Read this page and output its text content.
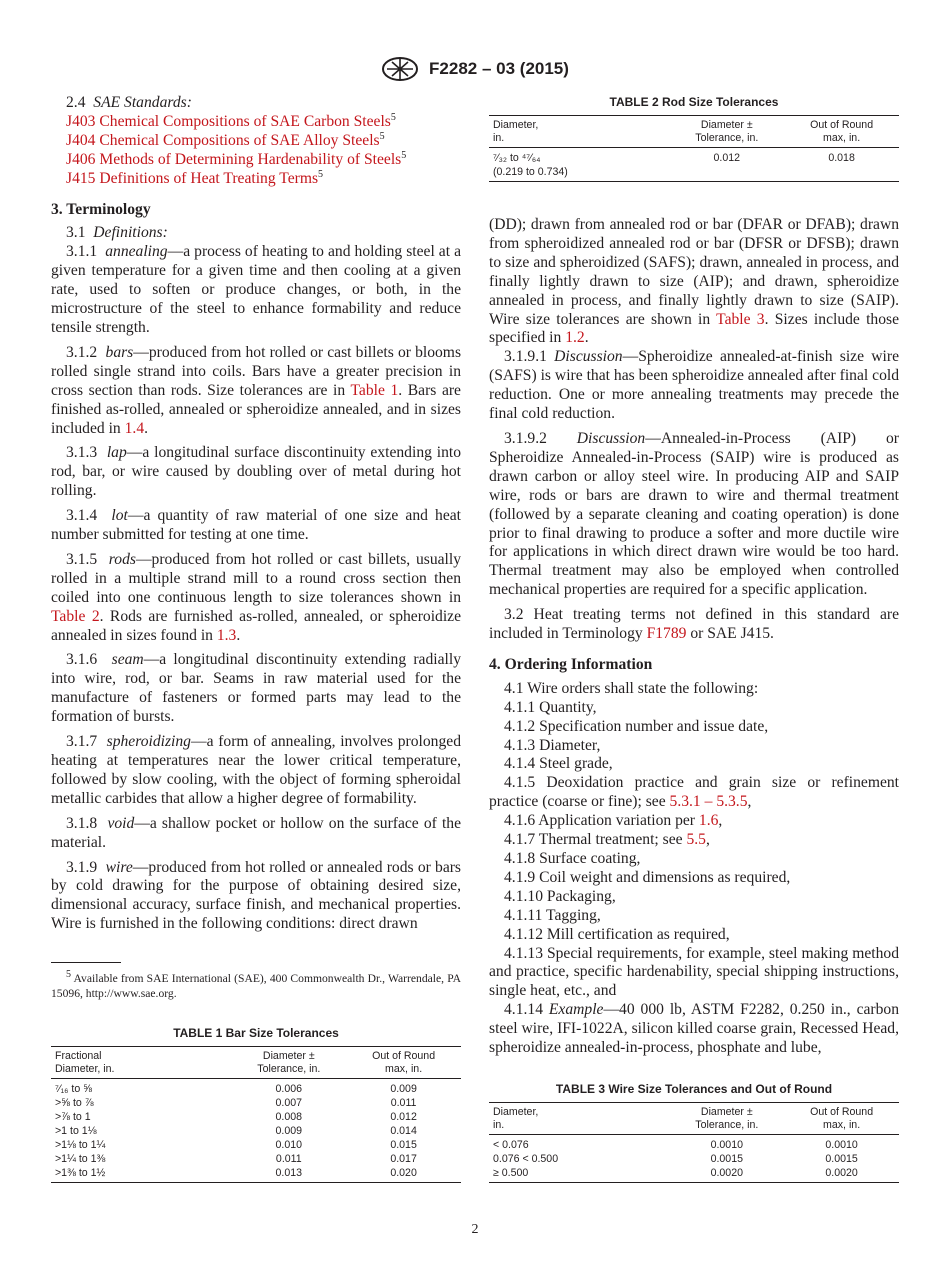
F2282 – 03 (2015)

2.4 SAE Standards:

J403 Chemical Compositions of SAE Carbon Steels$^5$

J404 Chemical Compositions of SAE Alloy Steels$^5$

J406 Methods of Determining Hardenability of Steels$^5$

J415 Definitions of Heat Treating Terms$^5$

3. Terminology

3.1 Definitions:

3.1.1 annealing—a process of heating to and holding steel at a given temperature for a given time and then cooling at a given rate, used to soften or produce changes, or both, in the microstructure of the steel to enhance formability and reduce tensile strength.

3.1.2 bars—produced from hot rolled or cast billets or blooms rolled single strand into coils. Bars have a greater precision in cross section than rods. Size tolerances are in Table 1. Bars are finished as-rolled, annealed or spheroidize annealed, and in sizes included in 1.4.

3.1.3 lap—a longitudinal surface discontinuity extending into rod, bar, or wire caused by doubling over of metal during hot rolling.

3.1.4 lot—a quantity of raw material of one size and heat number submitted for testing at one time.

3.1.5 rods—produced from hot rolled or cast billets, usually rolled in a multiple strand mill to a round cross section then coiled into one continuous length to size tolerances shown in Table 2. Rods are furnished as-rolled, annealed, or spheroidize annealed in sizes found in 1.3.

3.1.6 seam—a longitudinal discontinuity extending radially into wire, rod, or bar. Seams in raw material used for the manufacture of fasteners or formed parts may lead to the formation of bursts.

3.1.7 spheroidizing—a form of annealing, involves prolonged heating at temperatures near the lower critical temperature, followed by slow cooling, with the object of forming spheroidal metallic carbides that allow a higher degree of formability.

3.1.8 void—a shallow pocket or hollow on the surface of the material.

3.1.9 wire—produced from hot rolled or annealed rods or bars by cold drawing for the purpose of obtaining desired size, dimensional accuracy, surface finish, and mechanical properties. Wire is furnished in the following conditions: direct drawn

$^5$ Available from SAE International (SAE), 400 Commonwealth Dr., Warrendale, PA 15096, http://www.sae.org.

(DD); drawn from annealed rod or bar (DFAR or DFAB); drawn from spheroidized annealed rod or bar (DFSR or DFSB); drawn to size and spheroidized (SAFS); drawn, annealed in process, and finally lightly drawn to size (AIP); and drawn, spheroidize annealed in process, and finally lightly drawn to size (SAIP). Wire size tolerances are shown in Table 3. Sizes include those specified in 1.2.

3.1.9.1 Discussion—Spheroidize annealed-at-finish size wire (SAFS) is wire that has been spheroidize annealed after final cold reduction. One or more annealing treatments may precede the final cold reduction.

3.1.9.2 Discussion—Annealed-in-Process (AIP) or Spheroidize Annealed-in-Process (SAIP) wire is produced as drawn carbon or alloy steel wire. In producing AIP and SAIP wire, rods or bars are drawn to wire and thermal treatment (followed by a separate cleaning and coating operation) is done prior to final drawing to produce a softer and more ductile wire for applications in which direct drawn wire would be too hard. Thermal treatment may also be employed when controlled mechanical properties are required for a specific application.

3.2 Heat treating terms not defined in this standard are included in Terminology F1789 or SAE J415.

4. Ordering Information

4.1 Wire orders shall state the following:

4.1.1 Quantity,

4.1.2 Specification number and issue date,

4.1.3 Diameter,

4.1.4 Steel grade,

4.1.5 Deoxidation practice and grain size or refinement practice (coarse or fine); see 5.3.1 – 5.3.5,

4.1.6 Application variation per 1.6,

4.1.7 Thermal treatment; see 5.5,

4.1.8 Surface coating,

4.1.9 Coil weight and dimensions as required,

4.1.10 Packaging,

4.1.11 Tagging,

4.1.12 Mill certification as required,

4.1.13 Special requirements, for example, steel making method and practice, specific hardenability, special shipping instructions, single heat, etc., and

4.1.14 Example—40 000 lb, ASTM F2282, 0.250 in., carbon steel wire, IFI-1022A, silicon killed coarse grain, Recessed Head, spheroidize annealed-in-process, phosphate and lube,

TABLE 2 Rod Size Tolerances
Diameter,
in.	Diameter ±
Tolerance, in.	Out of Round
max, in.
⁷⁄₃₂ to ⁴⁷⁄₆₄
(0.219 to 0.734)	0.012	0.018
TABLE 1 Bar Size Tolerances
Fractional
Diameter, in.	Diameter ±
Tolerance, in.	Out of Round
max, in.
⁷⁄₁₆ to ⅝	0.006	0.009
>⅝ to ⅞	0.007	0.011
>⅞ to 1	0.008	0.012
>1 to 1⅛	0.009	0.014
>1⅛ to 1¼	0.010	0.015
>1¼ to 1⅜	0.011	0.017
>1⅜ to 1½	0.013	0.020
TABLE 3 Wire Size Tolerances and Out of Round
Diameter,
in.	Diameter ±
Tolerance, in.	Out of Round
max, in.
< 0.076	0.0010	0.0010
0.076 < 0.500	0.0015	0.0015
≥ 0.500	0.0020	0.0020
2
